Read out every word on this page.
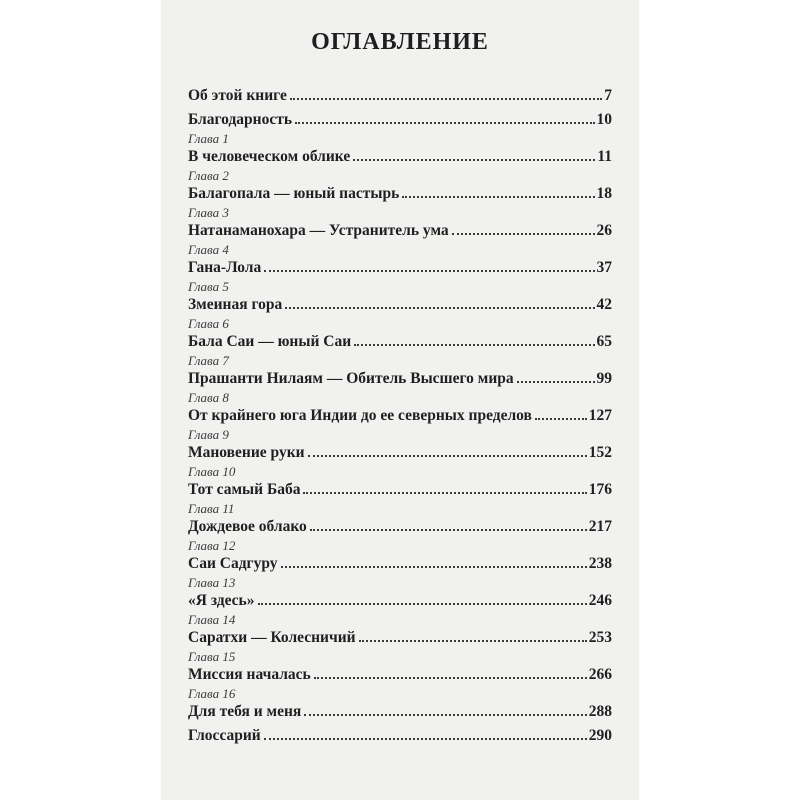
ОГЛАВЛЕНИЕ
Об этой книге	7
Благодарность	10
Глава 1
В человеческом облике	11
Глава 2
Балагопала — юный пастырь	18
Глава 3
Натанаманохара — Устранитель ума	26
Глава 4
Гана-Лола	37
Глава 5
Змеиная гора	42
Глава 6
Бала Саи — юный Саи	65
Глава 7
Прашанти Нилаям — Обитель Высшего мира	99
Глава 8
От крайнего юга Индии до ее северных пределов	127
Глава 9
Мановение руки	152
Глава 10
Тот самый Баба	176
Глава 11
Дождевое облако	217
Глава 12
Саи Садгуру	238
Глава 13
«Я здесь»	246
Глава 14
Саратхи — Колесничий	253
Глава 15
Миссия началась	266
Глава 16
Для тебя и меня	288
Глоссарий	290
